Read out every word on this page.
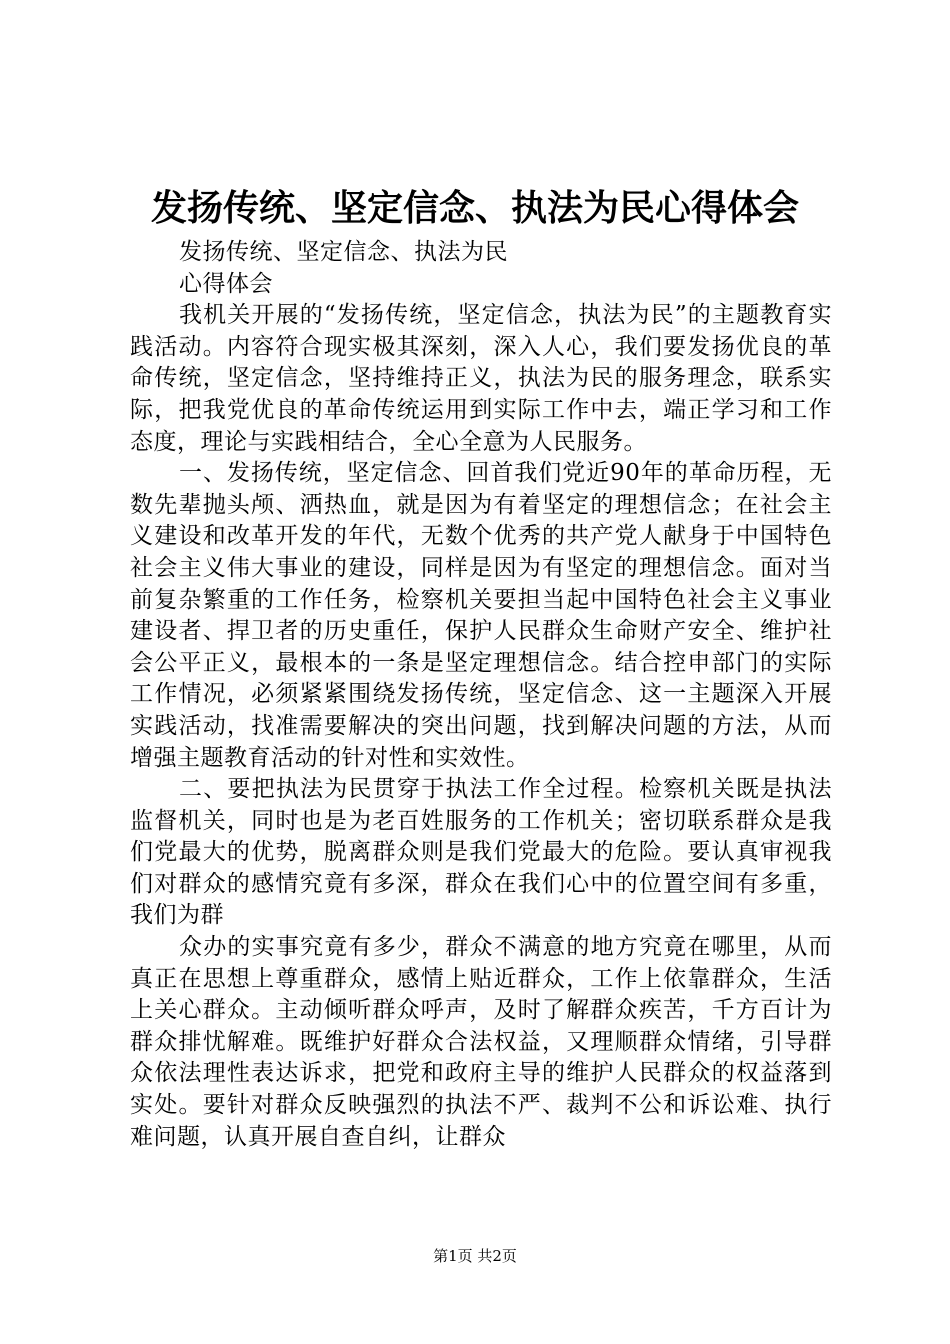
发扬传统、坚定信念、执法为民心得体会
发扬传统、坚定信念、执法为民
心得体会

我机关开展的“发扬传统，坚定信念，执法为民”的主题教育实践活动。内容符合现实极其深刻，深入人心，我们要发扬优良的革命传统，坚定信念，坚持维持正义，执法为民的服务理念，联系实际，把我党优良的革命传统运用到实际工作中去，端正学习和工作态度，理论与实践相结合，全心全意为人民服务。

一、发扬传统，坚定信念、回首我们党近90年的革命历程，无数先辈抛头颅、洒热血，就是因为有着坚定的理想信念；在社会主义建设和改革开发的年代，无数个优秀的共产党人献身于中国特色社会主义伟大事业的建设，同样是因为有坚定的理想信念。面对当前复杂繁重的工作任务，检察机关要担当起中国特色社会主义事业建设者、捍卫者的历史重任，保护人民群众生命财产安全、维护社会公平正义，最根本的一条是坚定理想信念。结合控申部门的实际工作情况，必须紧紧围绕发扬传统，坚定信念、这一主题深入开展实践活动，找准需要解决的突出问题，找到解决问题的方法，从而增强主题教育活动的针对性和实效性。

二、要把执法为民贯穿于执法工作全过程。检察机关既是执法监督机关，同时也是为老百姓服务的工作机关；密切联系群众是我们党最大的优势，脱离群众则是我们党最大的危险。要认真审视我们对群众的感情究竟有多深，群众在我们心中的位置空间有多重，我们为群

众办的实事究竟有多少，群众不满意的地方究竟在哪里，从而真正在思想上尊重群众，感情上贴近群众，工作上依靠群众，生活上关心群众。主动倾听群众呼声，及时了解群众疾苦，千方百计为群众排忧解难。既维护好群众合法权益，又理顺群众情绪，引导群众依法理性表达诉求，把党和政府主导的维护人民群众的权益落到实处。要针对群众反映强烈的执法不严、裁判不公和诉讼难、执行难问题，认真开展自查自纠，让群众

第1页 共2页
